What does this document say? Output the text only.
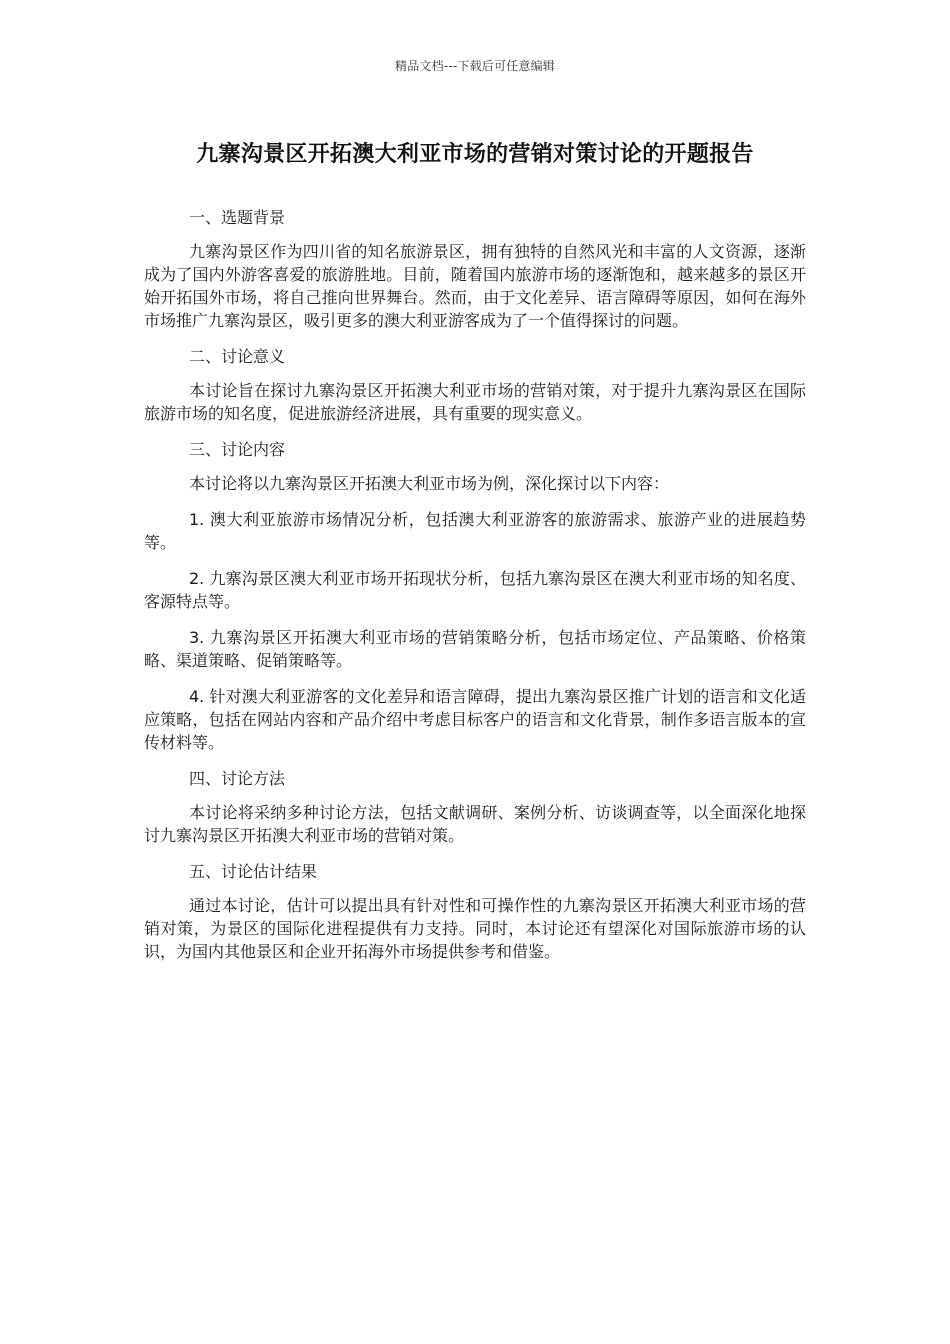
精品文档---下载后可任意编辑
九寨沟景区开拓澳大利亚市场的营销对策讨论的开题报告

一、选题背景

九寨沟景区作为四川省的知名旅游景区，拥有独特的自然风光和丰富的人文资源，逐渐成为了国内外游客喜爱的旅游胜地。目前，随着国内旅游市场的逐渐饱和，越来越多的景区开始开拓国外市场，将自己推向世界舞台。然而，由于文化差异、语言障碍等原因，如何在海外市场推广九寨沟景区，吸引更多的澳大利亚游客成为了一个值得探讨的问题。

二、讨论意义

本讨论旨在探讨九寨沟景区开拓澳大利亚市场的营销对策，对于提升九寨沟景区在国际旅游市场的知名度，促进旅游经济进展，具有重要的现实意义。

三、讨论内容

本讨论将以九寨沟景区开拓澳大利亚市场为例，深化探讨以下内容：

1. 澳大利亚旅游市场情况分析，包括澳大利亚游客的旅游需求、旅游产业的进展趋势等。

2. 九寨沟景区澳大利亚市场开拓现状分析，包括九寨沟景区在澳大利亚市场的知名度、客源特点等。

3. 九寨沟景区开拓澳大利亚市场的营销策略分析，包括市场定位、产品策略、价格策略、渠道策略、促销策略等。

4. 针对澳大利亚游客的文化差异和语言障碍，提出九寨沟景区推广计划的语言和文化适应策略，包括在网站内容和产品介绍中考虑目标客户的语言和文化背景，制作多语言版本的宣传材料等。

四、讨论方法

本讨论将采纳多种讨论方法，包括文献调研、案例分析、访谈调查等，以全面深化地探讨九寨沟景区开拓澳大利亚市场的营销对策。

五、讨论估计结果

通过本讨论，估计可以提出具有针对性和可操作性的九寨沟景区开拓澳大利亚市场的营销对策，为景区的国际化进程提供有力支持。同时，本讨论还有望深化对国际旅游市场的认识，为国内其他景区和企业开拓海外市场提供参考和借鉴。
